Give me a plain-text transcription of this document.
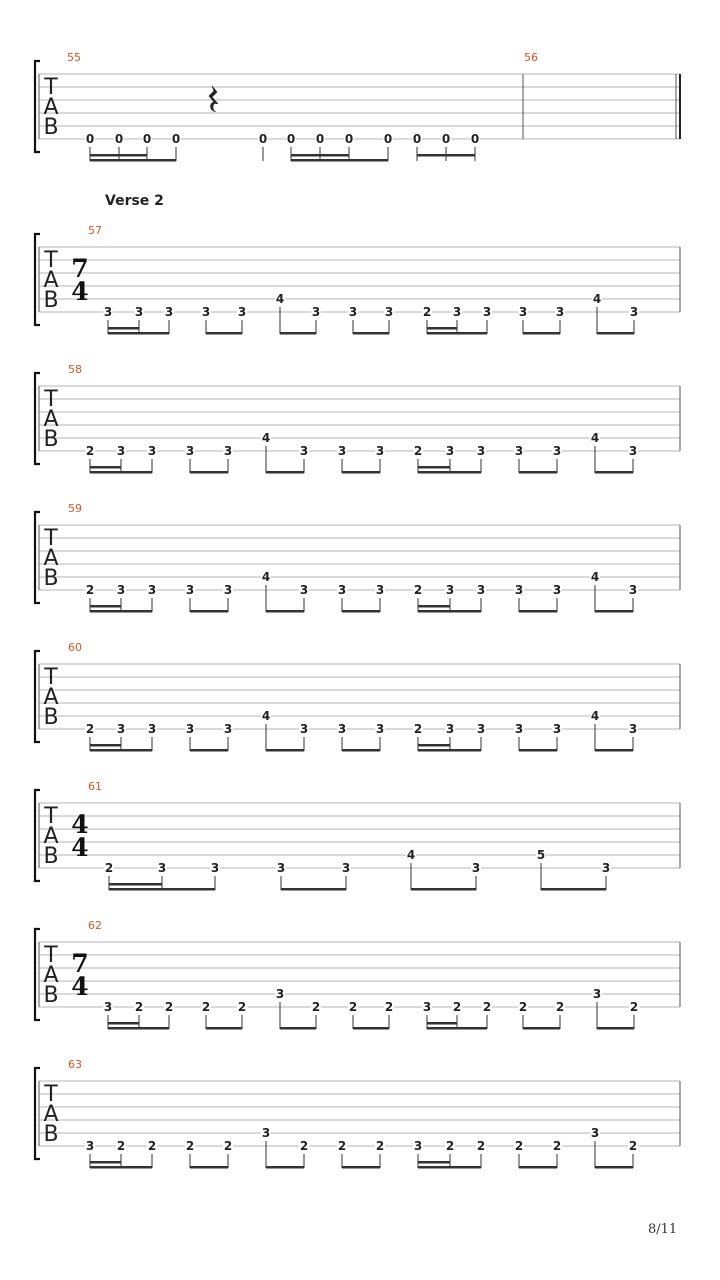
T
A
B
55	56
0 0 0 0	0 0 0 0	0 0 0 0
T
A
B
57
7
4
3 3 3 3 3
4
3 3 3 2 3 3 3 3
4
3
T
A
B
58
2 3 3 3 3
4
3 3 3 2 3 3 3 3
4
3
T
A
B
59
2 3 3 3 3
4
3 3 3 2 3 3 3 3
4
3
T
A
B
60
2 3 3 3 3
4
3 3 3 2 3 3 3 3
4
3
T
A
B
61
4
4
2	3	3	3	3
4
3
5
3
T
A
B
62
7
4
3 2 2 2 2
3
2 2 2 3 2 2 2 2
3
2
T
A
B
63
3 2 2 2 2
3
2 2 2 3 2 2 2 2
3
2
Verse 2
8/11
